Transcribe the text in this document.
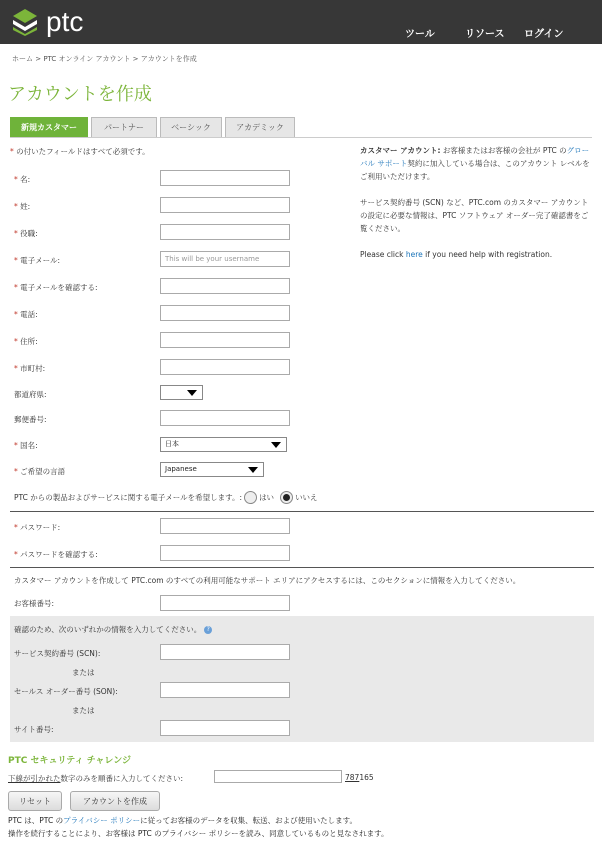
ptc	ツール	リソース ログイン
ホーム > PTC オンライン アカウント > アカウントを作成
アカウントを作成
新規カスタマー	パートナー	ベーシック	アカデミック
* の付いたフィールドはすべて必須です。
* 名:
* 姓:
* 役職:
* 電子メール:	This will be your username
* 電子メールを確認する:
* 電話:
* 住所:
* 市町村:
都道府県:
郵便番号:
* 国名:	日本
* ご希望の言語	Japanese

カスタマー アカウント: お客様またはお客様の会社が PTC のグローバル サポート契約に加入している場合は、このアカウント レベルをご利用いただけます。

サービス契約番号 (SCN) など、PTC.com のカスタマー アカウントの設定に必要な情報は、PTC ソフトウェア オーダー完了確認書をご覧ください。

Please click here if you need help with registration.

PTC からの製品およびサービスに関する電子メールを希望します。: はい	いいえ
* パスワード:
* パスワードを確認する:
カスタマー アカウントを作成して PTC.com のすべての利用可能なサポート エリアにアクセスするには、このセクションに情報を入力してください。
お客様番号:
確認のため、次のいずれかの情報を入力してください。 ?
サービス契約番号 (SCN):
または
セールス オーダー番号 (SON):
または
サイト番号:
PTC セキュリティ チャレンジ
下線が引かれた数字のみを順番に入力してください:	787165
リセット	アカウントを作成
PTC は、PTC のプライバシー ポリシーに従ってお客様のデータを収集、転送、および使用いたします。
操作を続行することにより、お客様は PTC のプライバシー ポリシーを読み、同意しているものと見なされます。
